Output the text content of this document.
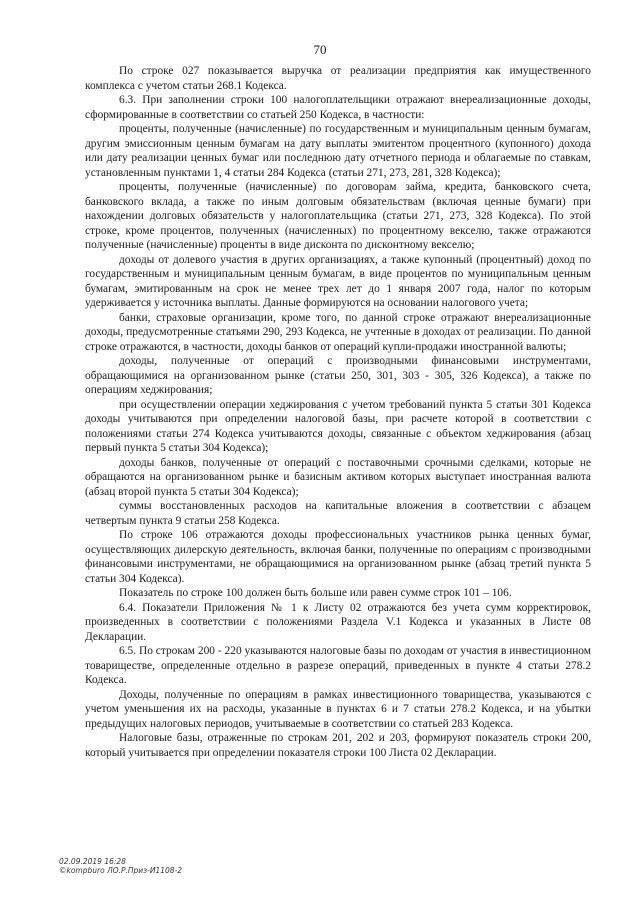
70

По строке 027 показывается выручка от реализации предприятия как имущественного комплекса с учетом статьи 268.1 Кодекса.

6.3. При заполнении строки 100 налогоплательщики отражают внереализационные доходы, сформированные в соответствии со статьей 250 Кодекса, в частности:

проценты, полученные (начисленные) по государственным и муниципальным ценным бумагам, другим эмиссионным ценным бумагам на дату выплаты эмитентом процентного (купонного) дохода или дату реализации ценных бумаг или последнюю дату отчетного периода и облагаемые по ставкам, установленным пунктами 1, 4 статьи 284 Кодекса (статьи 271, 273, 281, 328 Кодекса);

проценты, полученные (начисленные) по договорам займа, кредита, банковского счета, банковского вклада, а также по иным долговым обязательствам (включая ценные бумаги) при нахождении долговых обязательств у налогоплательщика (статьи 271, 273, 328 Кодекса). По этой строке, кроме процентов, полученных (начисленных) по процентному векселю, также отражаются полученные (начисленные) проценты в виде дисконта по дисконтному векселю;

доходы от долевого участия в других организациях, а также купонный (процентный) доход по государственным и муниципальным ценным бумагам, в виде процентов по муниципальным ценным бумагам, эмитированным на срок не менее трех лет до 1 января 2007 года, налог по которым удерживается у источника выплаты. Данные формируются на основании налогового учета;

банки, страховые организации, кроме того, по данной строке отражают внереализационные доходы, предусмотренные статьями 290, 293 Кодекса, не учтенные в доходах от реализации. По данной строке отражаются, в частности, доходы банков от операций купли-продажи иностранной валюты;

доходы, полученные от операций с производными финансовыми инструментами, обращающимися на организованном рынке (статьи 250, 301, 303 - 305, 326 Кодекса), а также по операциям хеджирования;

при осуществлении операции хеджирования с учетом требований пункта 5 статьи 301 Кодекса доходы учитываются при определении налоговой базы, при расчете которой в соответствии с положениями статьи 274 Кодекса учитываются доходы, связанные с объектом хеджирования (абзац первый пункта 5 статьи 304 Кодекса);

доходы банков, полученные от операций с поставочными срочными сделками, которые не обращаются на организованном рынке и базисным активом которых выступает иностранная валюта (абзац второй пункта 5 статьи 304 Кодекса);

суммы восстановленных расходов на капитальные вложения в соответствии с абзацем четвертым пункта 9 статьи 258 Кодекса.

По строке 106 отражаются доходы профессиональных участников рынка ценных бумаг, осуществляющих дилерскую деятельность, включая банки, полученные по операциям с производными финансовыми инструментами, не обращающимися на организованном рынке (абзац третий пункта 5 статьи 304 Кодекса).

Показатель по строке 100 должен быть больше или равен сумме строк 101 – 106.

6.4. Показатели Приложения № 1 к Листу 02 отражаются без учета сумм корректировок, произведенных в соответствии с положениями Раздела V.1 Кодекса и указанных в Листе 08 Декларации.

6.5. По строкам 200 - 220 указываются налоговые базы по доходам от участия в инвестиционном товариществе, определенные отдельно в разрезе операций, приведенных в пункте 4 статьи 278.2 Кодекса.

Доходы, полученные по операциям в рамках инвестиционного товарищества, указываются с учетом уменьшения их на расходы, указанные в пунктах 6 и 7 статьи 278.2 Кодекса, и на убытки предыдущих налоговых периодов, учитываемые в соответствии со статьей 283 Кодекса.

Налоговые базы, отраженные по строкам 201, 202 и 203, формируют показатель строки 200, который учитывается при определении показателя строки 100 Листа 02 Декларации.

02.09.2019 16:28
©kompburo ЛО.Р.Приз-И1108-2
